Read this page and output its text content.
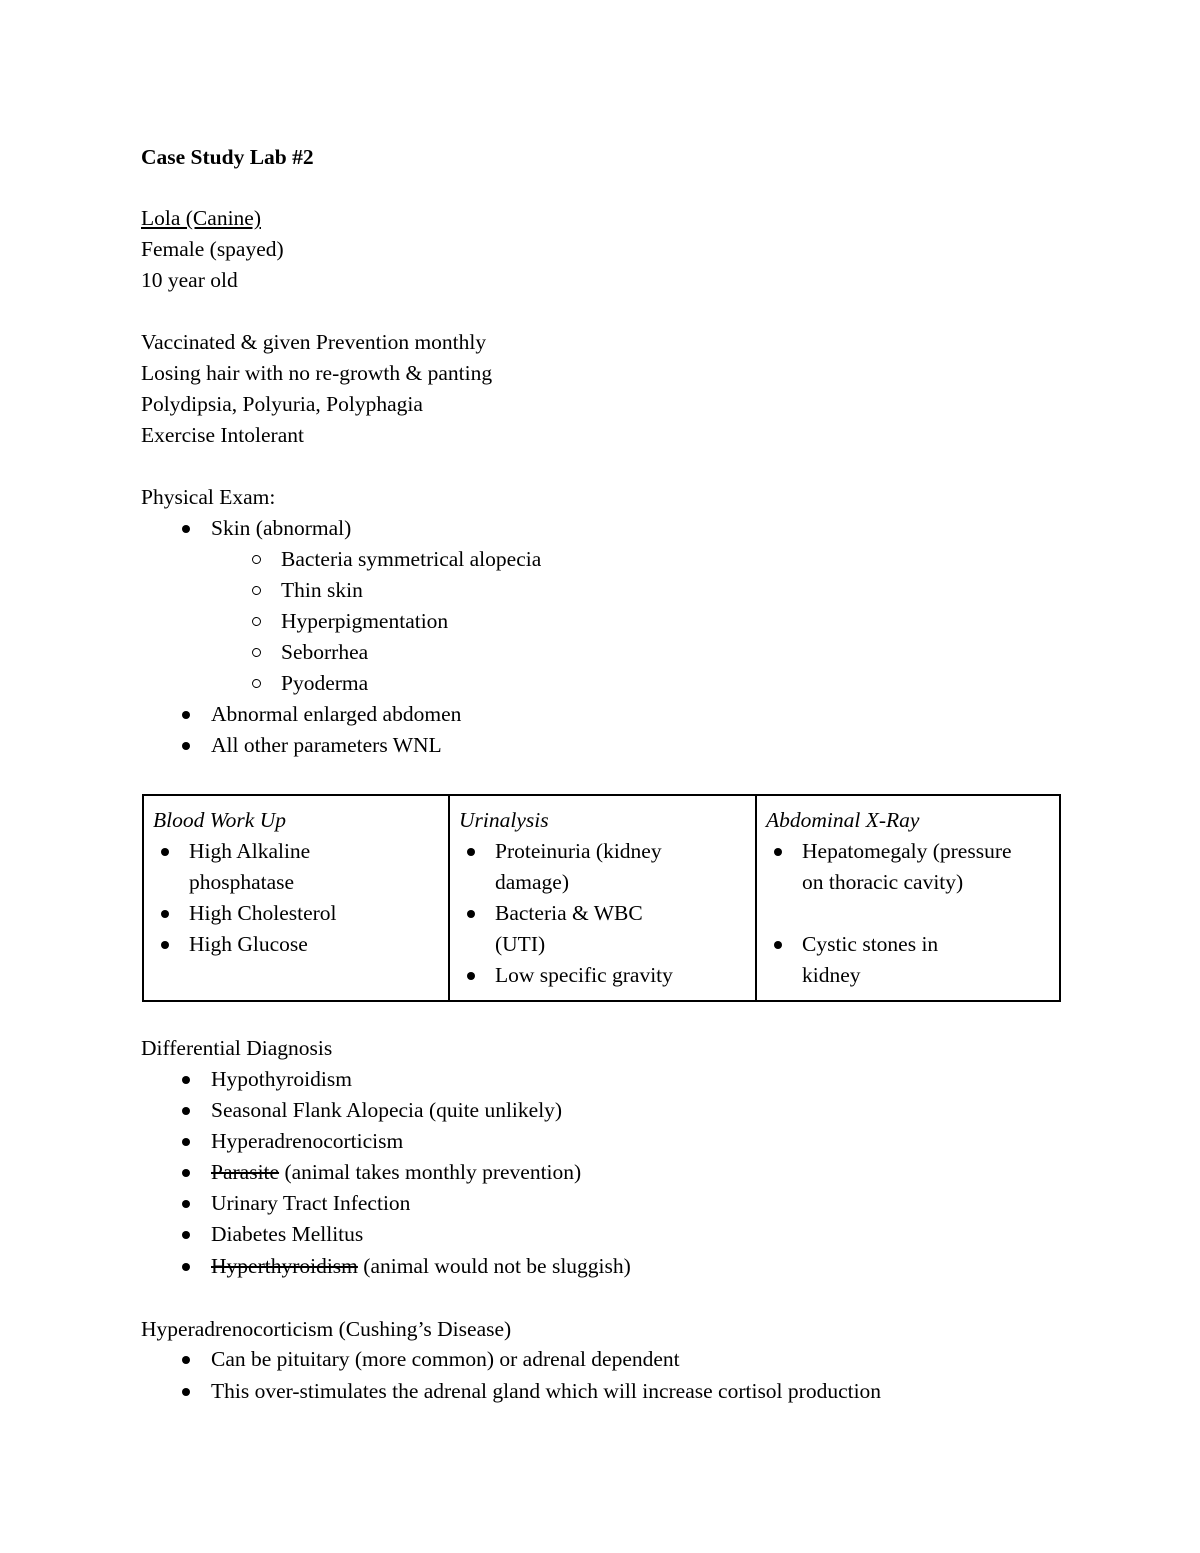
Case Study Lab #2
Lola (Canine)
Female (spayed)
10 year old
Vaccinated & given Prevention monthly
Losing hair with no re-growth & panting
Polydipsia, Polyuria, Polyphagia
Exercise Intolerant
Physical Exam:
Skin (abnormal)
Bacteria symmetrical alopecia
Thin skin
Hyperpigmentation
Seborrhea
Pyoderma
Abnormal enlarged abdomen
All other parameters WNL
Blood Work Up
High Alkaline phosphatase
High Cholesterol
High Glucose
Urinalysis
Proteinuria (kidney damage)
Bacteria & WBC (UTI)
Low specific gravity
Abdominal X-Ray
Hepatomegaly (pressure on thoracic cavity)
Cystic stones in kidney
Differential Diagnosis
Hypothyroidism
Seasonal Flank Alopecia (quite unlikely)
Hyperadrenocorticism
Parasite (animal takes monthly prevention)
Urinary Tract Infection
Diabetes Mellitus
Hyperthyroidism (animal would not be sluggish)
Hyperadrenocorticism (Cushing’s Disease)
Can be pituitary (more common) or adrenal dependent
This over-stimulates the adrenal gland which will increase cortisol production
